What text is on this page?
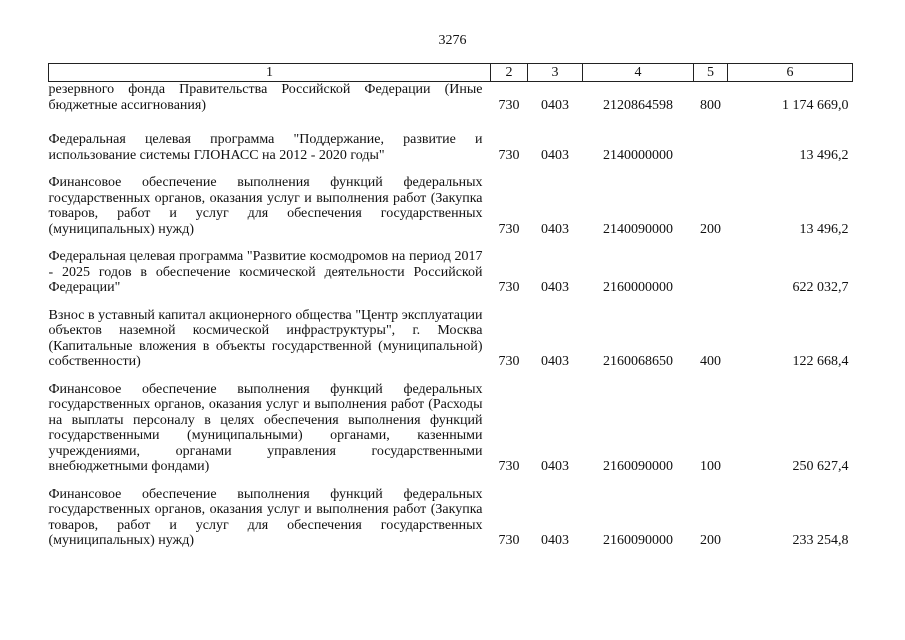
3276
1	2	3	4	5	6
резервного фонда Правительства Российской Федерации (Иные бюджетные ассигнования)	730	0403	2120864598	800	1 174 669,0
Федеральная целевая программа "Поддержание, развитие и использование системы ГЛОНАСС на 2012 - 2020 годы"	730	0403	2140000000		13 496,2
Финансовое обеспечение выполнения функций федеральных государственных органов, оказания услуг и выполнения работ (Закупка товаров, работ и услуг для обеспечения государственных (муниципальных) нужд)	730	0403	2140090000	200	13 496,2
Федеральная целевая программа "Развитие космодромов на период 2017 - 2025 годов в обеспечение космической деятельности Российской Федерации"	730	0403	2160000000		622 032,7
Взнос в уставный капитал акционерного общества "Центр эксплуатации объектов наземной космической инфраструктуры", г. Москва (Капитальные вложения в объекты государственной (муниципальной) собственности)	730	0403	2160068650	400	122 668,4
Финансовое обеспечение выполнения функций федеральных государственных органов, оказания услуг и выполнения работ (Расходы на выплаты персоналу в целях обеспечения выполнения функций государственными (муниципальными) органами, казенными учреждениями, органами управления государственными внебюджетными фондами)	730	0403	2160090000	100	250 627,4
Финансовое обеспечение выполнения функций федеральных государственных органов, оказания услуг и выполнения работ (Закупка товаров, работ и услуг для обеспечения государственных (муниципальных) нужд)	730	0403	2160090000	200	233 254,8
